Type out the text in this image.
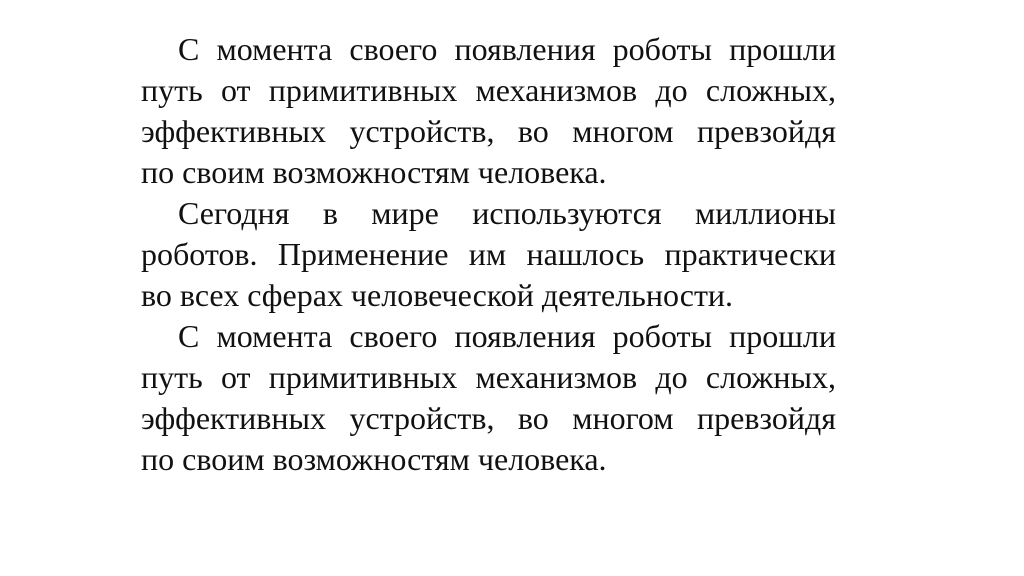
С момента своего появления роботы прошли
путь от примитивных механизмов до сложных,
эффективных устройств, во многом превзойдя
по своим возможностям человека.
Сегодня в мире используются миллионы
роботов. Применение им нашлось практически
во всех сферах человеческой деятельности.
С момента своего появления роботы прошли
путь от примитивных механизмов до сложных,
эффективных устройств, во многом превзойдя
по своим возможностям человека.
